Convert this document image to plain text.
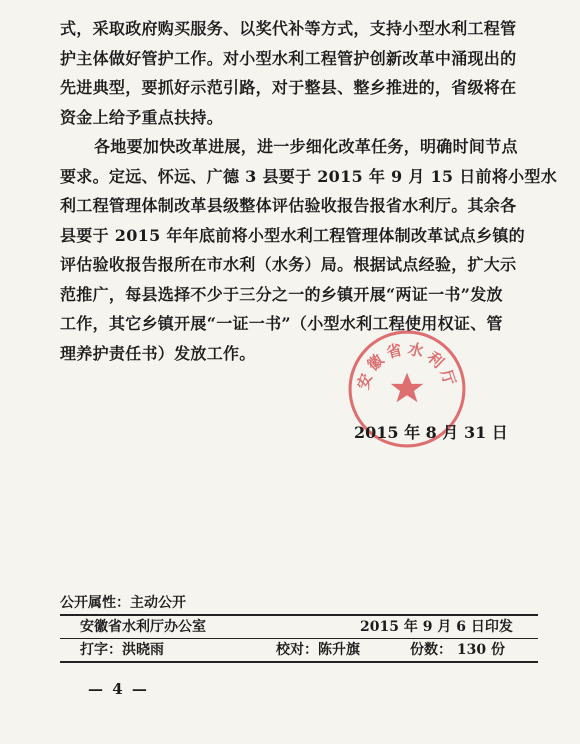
式，采取政府购买服务、以奖代补等方式，支持小型水利工程管
护主体做好管护工作。对小型水利工程管护创新改革中涌现出的
先进典型，要抓好示范引路，对于整县、整乡推进的，省级将在
资金上给予重点扶持。
各地要加快改革进展，进一步细化改革任务，明确时间节点
要求。定远、怀远、广德 3 县要于 2015 年 9 月 15 日前将小型水
利工程管理体制改革县级整体评估验收报告报省水利厅。其余各
县要于 2015 年年底前将小型水利工程管理体制改革试点乡镇的
评估验收报告报所在市水利（水务）局。根据试点经验，扩大示
范推广，每县选择不少于三分之一的乡镇开展“两证一书”发放
工作，其它乡镇开展“一证一书”（小型水利工程使用权证、管
理养护责任书）发放工作。
安徽省水利厅
2015 年 8 月 31 日
公开属性：主动公开
安徽省水利厅办公室	2015 年 9 月 6 日印发
打字：洪晓雨	校对：陈升旗	份数： 130 份
— 4 —
